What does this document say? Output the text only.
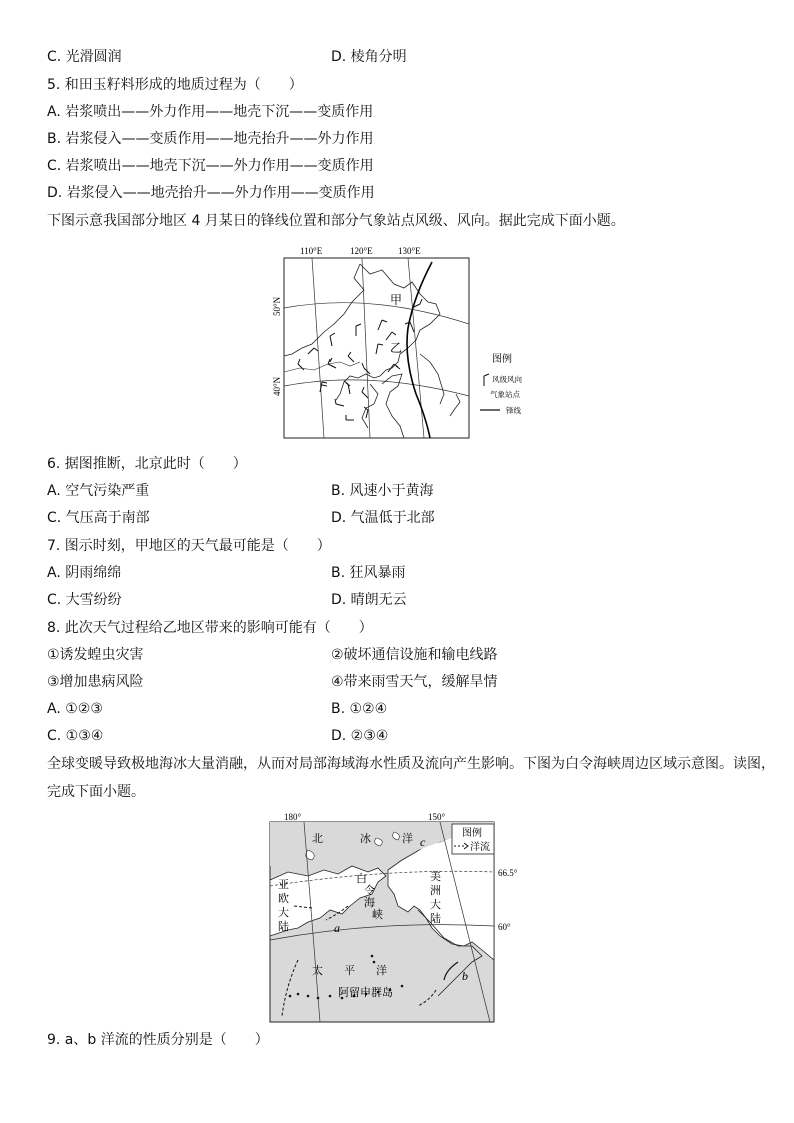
C. 光滑圆润	D. 棱角分明
5. 和田玉籽料形成的地质过程为（　　）
A. 岩浆喷出——外力作用——地壳下沉——变质作用
B. 岩浆侵入——变质作用——地壳抬升——外力作用
C. 岩浆喷出——地壳下沉——外力作用——变质作用
D. 岩浆侵入——地壳抬升——外力作用——变质作用
下图示意我国部分地区 4 月某日的锋线位置和部分气象站点风级、风向。据此完成下面小题。
甲
乙
110°E	120°E	130°E
50°N
40°N
图例
风级风向
气象站点
锋线
6. 据图推断，北京此时（　　）
A. 空气污染严重	B. 风速小于黄海
C. 气压高于南部	D. 气温低于北部
7. 图示时刻，甲地区的天气最可能是（　　）
A. 阴雨绵绵	B. 狂风暴雨
C. 大雪纷纷	D. 晴朗无云
8. 此次天气过程给乙地区带来的影响可能有（　　）
①诱发蝗虫灾害	②破坏通信设施和输电线路
③增加患病风险	④带来雨雪天气，缓解旱情
A. ①②③	B. ①②④
C. ①③④	D. ②③④
全球变暖导致极地海冰大量消融，从而对局部海域海水性质及流向产生影响。下图为白令海峡周边区域示意图。读图，完成下面小题。
图例
洋流
180°	150°
66.5°
60°
北	冰	洋
白
令
海
峡
亚
欧
大
陆
美
洲
大
陆
太 平 洋
阿留申群岛
a
b
c
9. a、b 洋流的性质分别是（　　）
